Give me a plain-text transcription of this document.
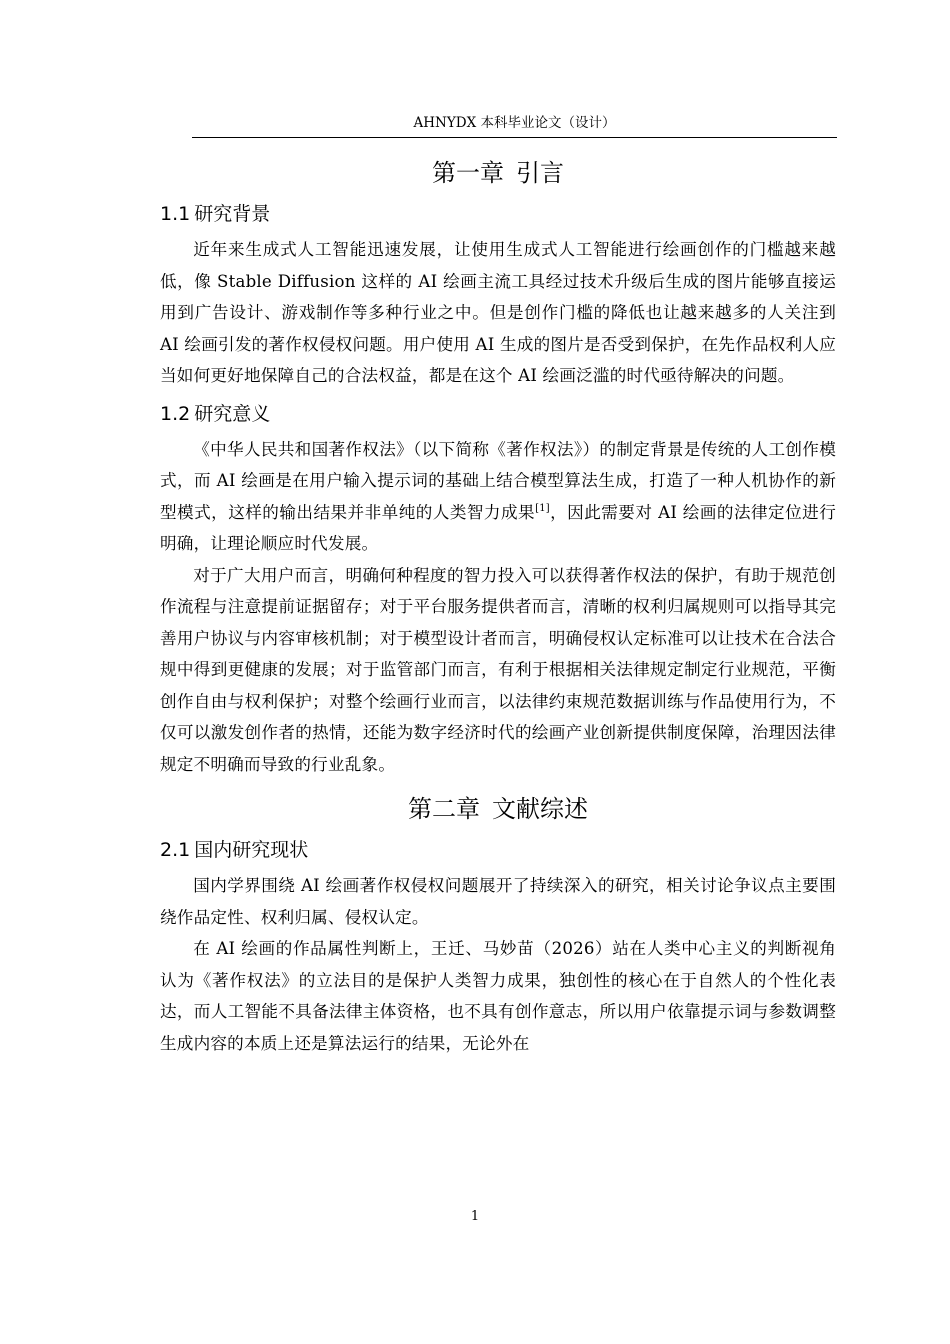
AHNYDX 本科毕业论文（设计）
第一章 引言
1.1 研究背景

近年来生成式人工智能迅速发展，让使用生成式人工智能进行绘画创作的门槛越来越低，像 Stable Diffusion 这样的 AI 绘画主流工具经过技术升级后生成的图片能够直接运用到广告设计、游戏制作等多种行业之中。但是创作门槛的降低也让越来越多的人关注到 AI 绘画引发的著作权侵权问题。用户使用 AI 生成的图片是否受到保护，在先作品权利人应当如何更好地保障自己的合法权益，都是在这个 AI 绘画泛滥的时代亟待解决的问题。

1.2 研究意义

《中华人民共和国著作权法》（以下简称《著作权法》）的制定背景是传统的人工创作模式，而 AI 绘画是在用户输入提示词的基础上结合模型算法生成，打造了一种人机协作的新型模式，这样的输出结果并非单纯的人类智力成果[1]，因此需要对 AI 绘画的法律定位进行明确，让理论顺应时代发展。

对于广大用户而言，明确何种程度的智力投入可以获得著作权法的保护，有助于规范创作流程与注意提前证据留存；对于平台服务提供者而言，清晰的权利归属规则可以指导其完善用户协议与内容审核机制；对于模型设计者而言，明确侵权认定标准可以让技术在合法合规中得到更健康的发展；对于监管部门而言，有利于根据相关法律规定制定行业规范，平衡创作自由与权利保护；对整个绘画行业而言，以法律约束规范数据训练与作品使用行为，不仅可以激发创作者的热情，还能为数字经济时代的绘画产业创新提供制度保障，治理因法律规定不明确而导致的行业乱象。

第二章 文献综述
2.1 国内研究现状

国内学界围绕 AI 绘画著作权侵权问题展开了持续深入的研究，相关讨论争议点主要围绕作品定性、权利归属、侵权认定。

在 AI 绘画的作品属性判断上，王迁、马妙苗（2026）站在人类中心主义的判断视角认为《著作权法》的立法目的是保护人类智力成果，独创性的核心在于自然人的个性化表达，而人工智能不具备法律主体资格，也不具有创作意志，所以用户依靠提示词与参数调整生成内容的本质上还是算法运行的结果，无论外在

1
